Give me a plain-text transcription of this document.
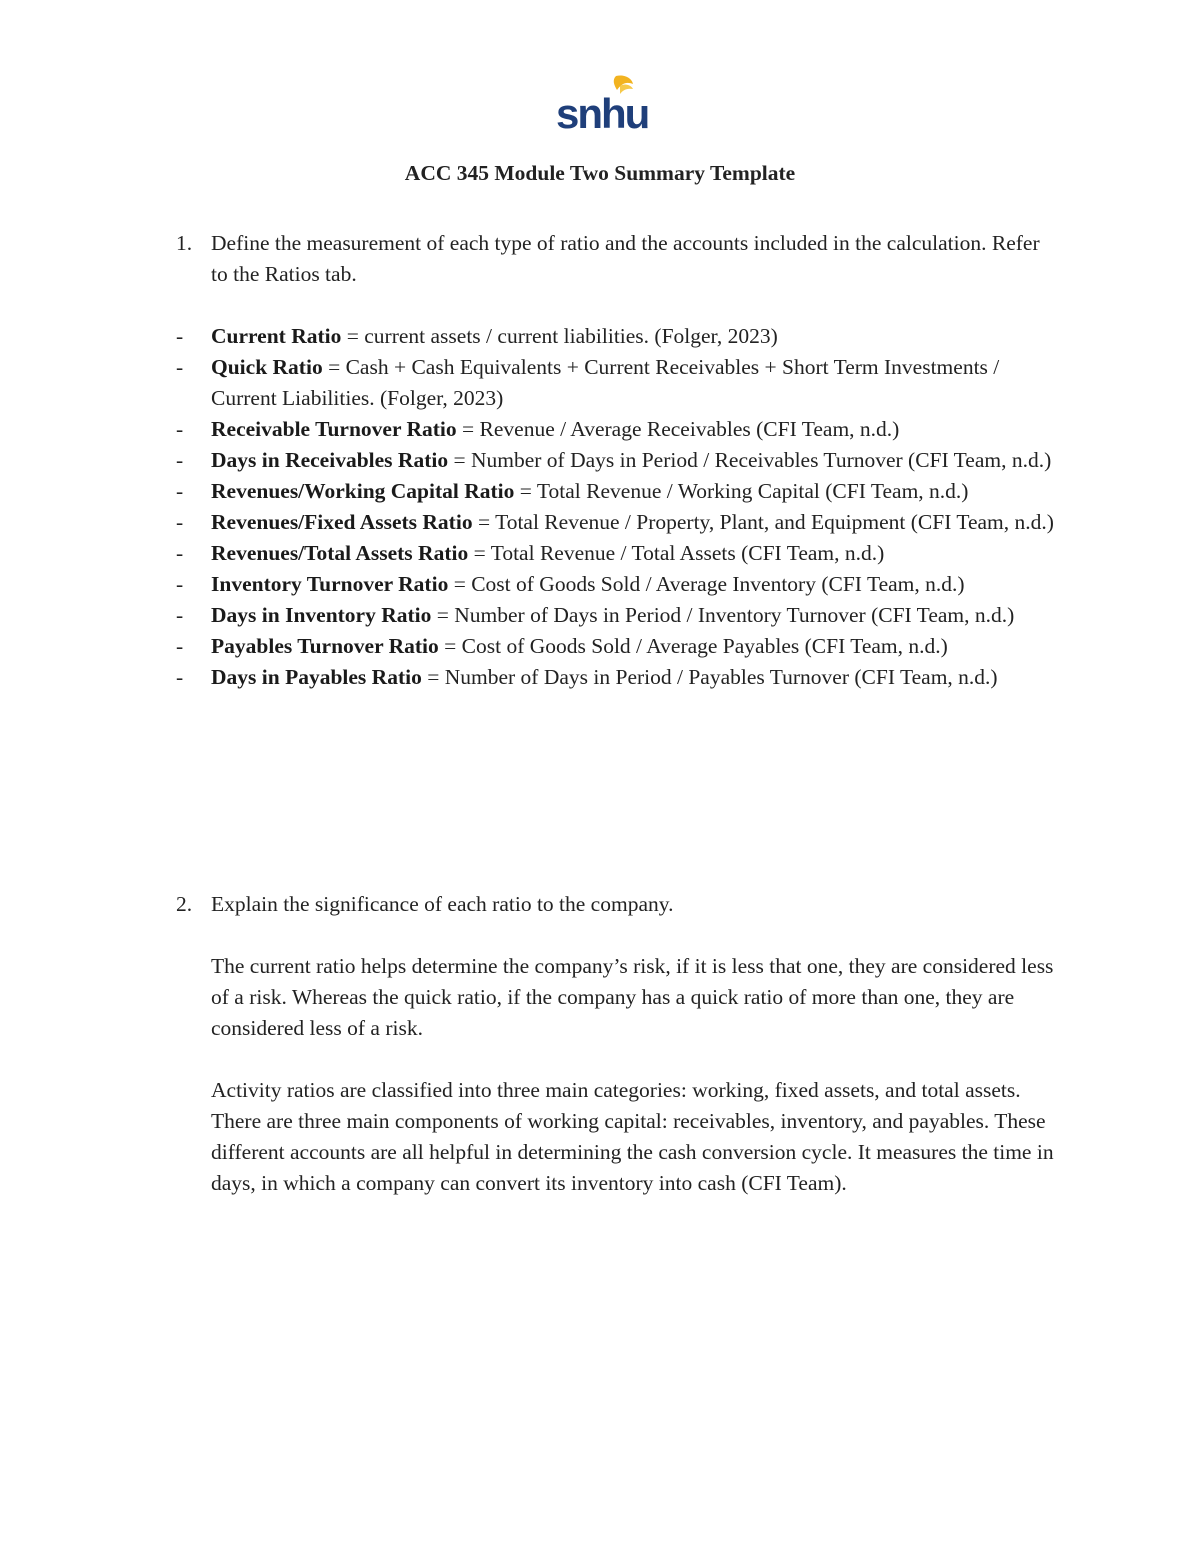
snhu
ACC 345 Module Two Summary Template
1. Define the measurement of each type of ratio and the accounts included in the calculation. Refer to the Ratios tab.
- Current Ratio = current assets / current liabilities. (Folger, 2023)
- Quick Ratio = Cash + Cash Equivalents + Current Receivables + Short Term Investments / Current Liabilities. (Folger, 2023)
- Receivable Turnover Ratio = Revenue / Average Receivables (CFI Team, n.d.)
- Days in Receivables Ratio = Number of Days in Period / Receivables Turnover (CFI Team, n.d.)
- Revenues/Working Capital Ratio = Total Revenue / Working Capital (CFI Team, n.d.)
- Revenues/Fixed Assets Ratio = Total Revenue / Property, Plant, and Equipment (CFI Team, n.d.)
- Revenues/Total Assets Ratio = Total Revenue / Total Assets (CFI Team, n.d.)
- Inventory Turnover Ratio = Cost of Goods Sold / Average Inventory (CFI Team, n.d.)
- Days in Inventory Ratio = Number of Days in Period / Inventory Turnover (CFI Team, n.d.)
- Payables Turnover Ratio = Cost of Goods Sold / Average Payables (CFI Team, n.d.)
- Days in Payables Ratio = Number of Days in Period / Payables Turnover (CFI Team, n.d.)
2. Explain the significance of each ratio to the company.
The current ratio helps determine the company’s risk, if it is less that one, they are considered less of a risk. Whereas the quick ratio, if the company has a quick ratio of more than one, they are considered less of a risk.
Activity ratios are classified into three main categories: working, fixed assets, and total assets. There are three main components of working capital: receivables, inventory, and payables. These different accounts are all helpful in determining the cash conversion cycle. It measures the time in days, in which a company can convert its inventory into cash (CFI Team).
